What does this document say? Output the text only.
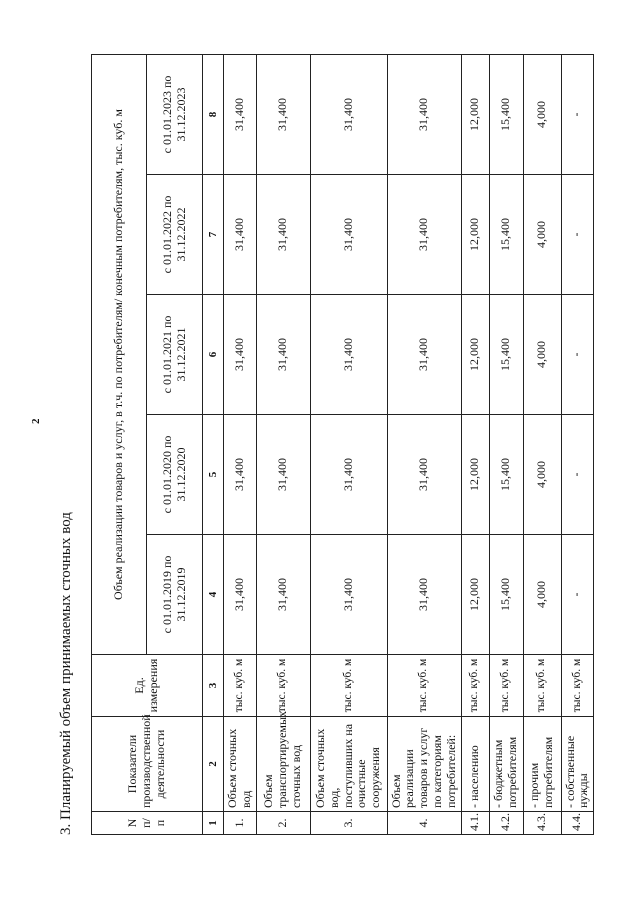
2
3. Планируемый объем принимаемых сточных вод	N п/п	Показатели производственной деятельности	Ед. измерения	Объем реализации товаров и услуг, в т.ч. по потребителям/ конечным потребителям, тыс. куб. м				
			с 01.01.2019 по 31.12.2019	с 01.01.2020 по 31.12.2020	с 01.01.2021 по 31.12.2021	с 01.01.2022 по 31.12.2022	с 01.01.2023 по 31.12.2023
1	2	3	4	5	6	7	8
1.	Объем сточных вод	тыс. куб. м	31,400	31,400	31,400	31,400	31,400
2.	Объем транспортируемых сточных вод	тыс. куб. м	31,400	31,400	31,400	31,400	31,400
3.	Объем сточных вод, поступивших на очистные сооружения	тыс. куб. м	31,400	31,400	31,400	31,400	31,400
4.	Объем реализации товаров и услуг по категориям потребителей:	тыс. куб. м	31,400	31,400	31,400	31,400	31,400
4.1.	- населению	тыс. куб. м	12,000	12,000	12,000	12,000	12,000
4.2.	- бюджетным потребителям	тыс. куб. м	15,400	15,400	15,400	15,400	15,400
4.3.	- прочим потребителям	тыс. куб. м	4,000	4,000	4,000	4,000	4,000
4.4.	- собственные нужды	тыс. куб. м	-	-	-	-	-
